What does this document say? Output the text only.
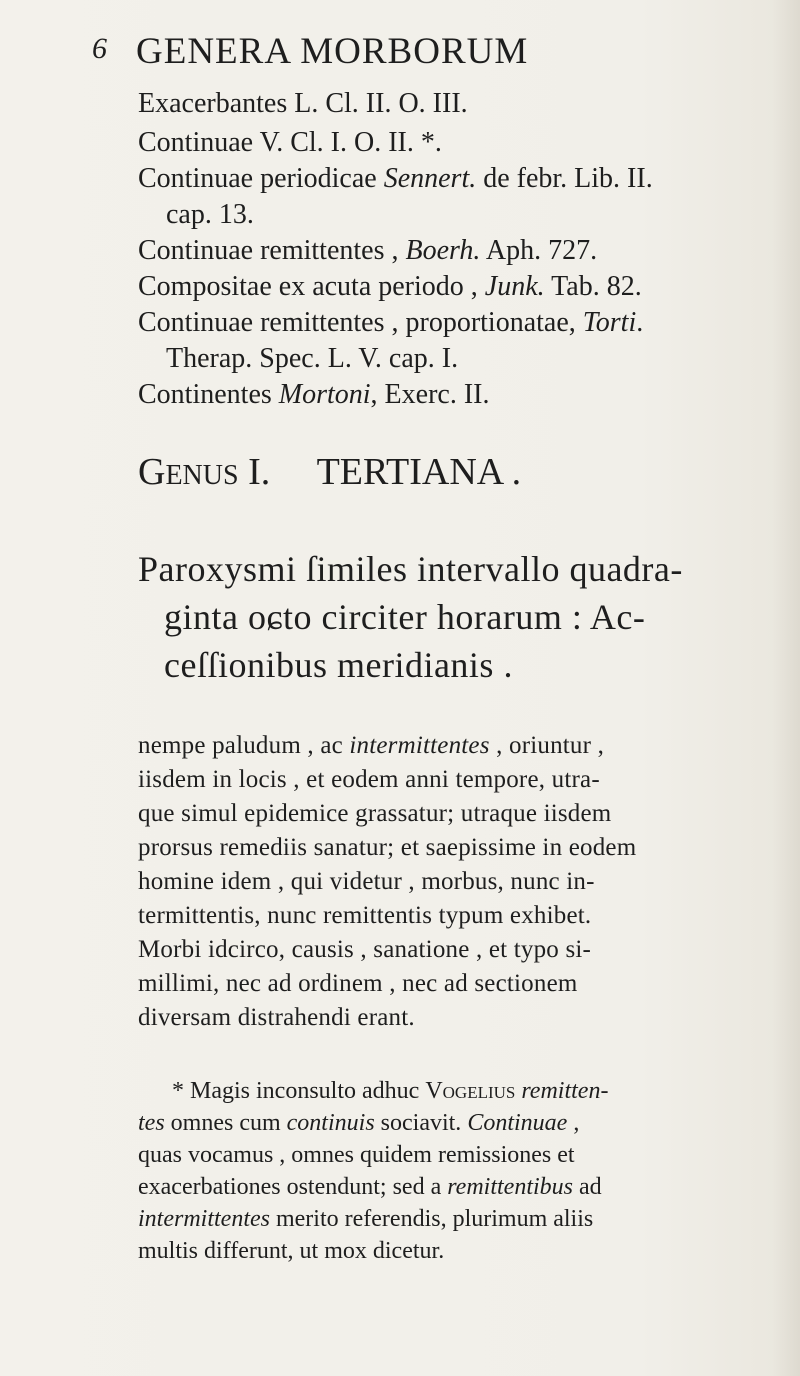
6 GENERA MORBORUM
Exacerbantes L. Cl. II. O. III.
Continuae V. Cl. I. O. II. *.
Continuae periodicae Sennert. de febr. Lib. II.
cap. 13.
Continuae remittentes , Boerh. Aph. 727.
Compositae ex acuta periodo , Junk. Tab. 82.
Continuae remittentes , proportionatae, Torti.
Therap. Spec. L. V. cap. I.
Continentes Mortoni, Exerc. II.
GENUS I. TERTIANA .
Paroxysmi ſimiles intervallo quadra-
ginta oɕto circiter horarum : Ac-
ceſſionibus meridianis .
nempe paludum , ac intermittentes , oriuntur ,
iisdem in locis , et eodem anni tempore, utra-
que simul epidemice grassatur; utraque iisdem
prorsus remediis sanatur; et saepissime in eodem
homine idem , qui videtur , morbus, nunc in-
termittentis, nunc remittentis typum exhibet.
Morbi idcirco, causis , sanatione , et typo si-
millimi, nec ad ordinem , nec ad sectionem
diversam distrahendi erant.
* Magis inconsulto adhuc Vogelius remitten-
tes omnes cum continuis sociavit. Continuae ,
quas vocamus , omnes quidem remissiones et
exacerbationes ostendunt; sed a remittentibus ad
intermittentes merito referendis, plurimum aliis
multis differunt, ut mox dicetur.
